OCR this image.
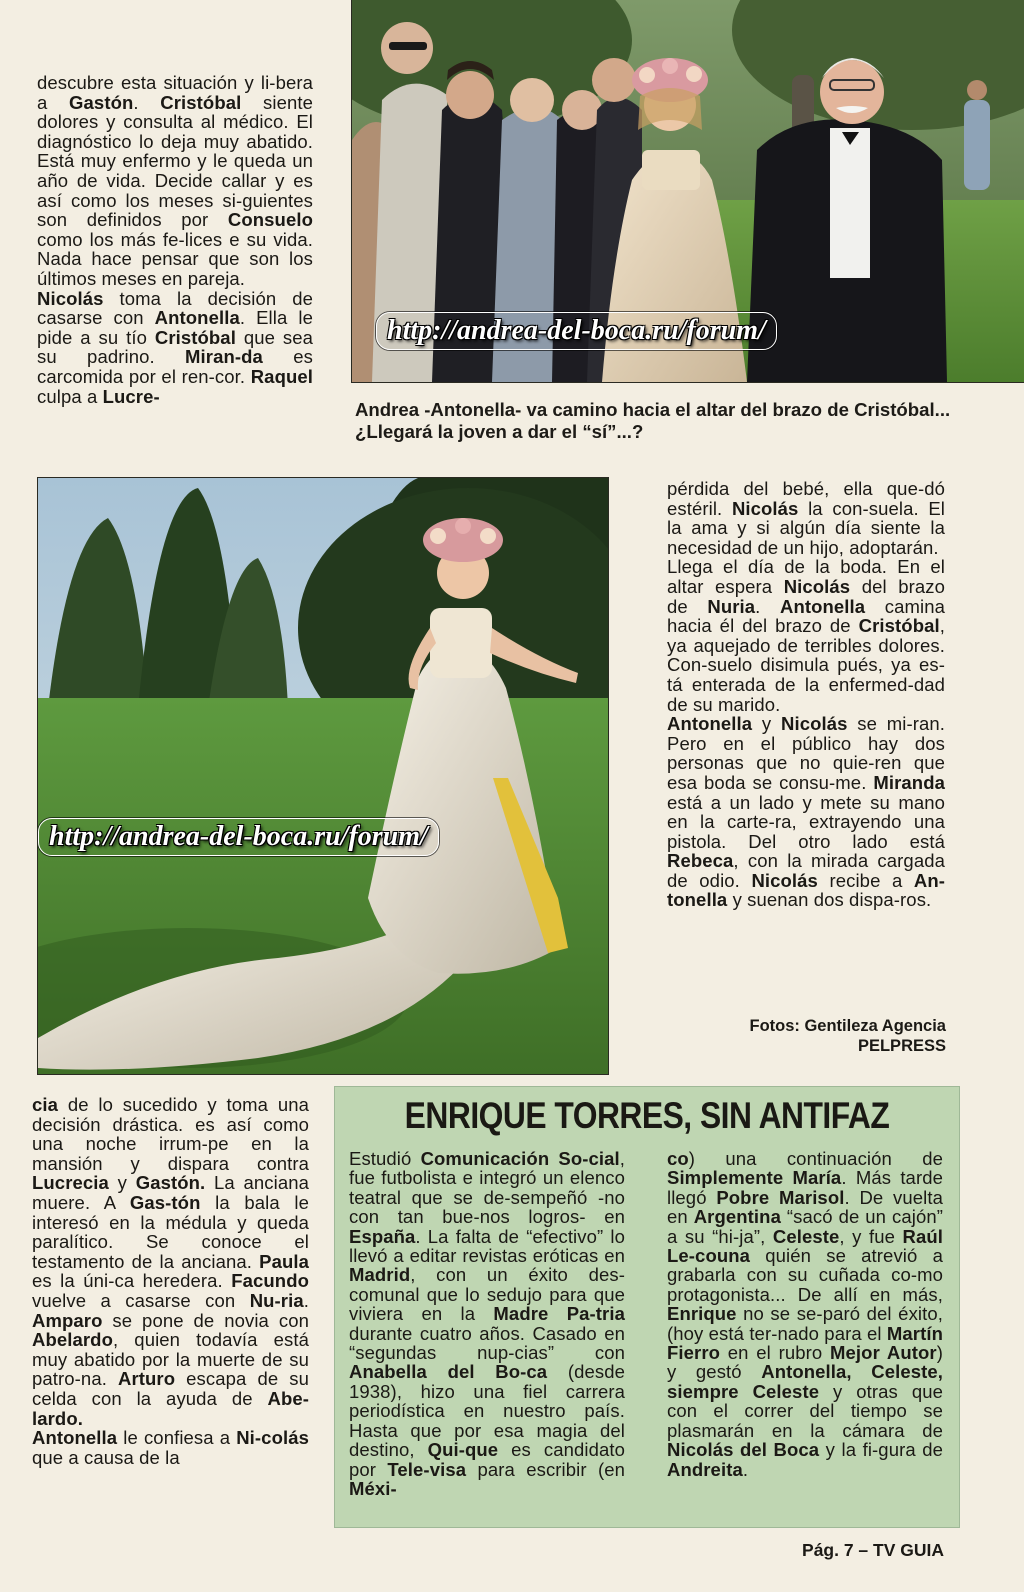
descubre esta situación y li-bera a Gastón. Cristóbal siente dolores y consulta al médico. El diagnóstico lo deja muy abatido. Está muy enfermo y le queda un año de vida. Decide callar y es así como los meses si-guientes son definidos por Consuelo como los más fe-lices e su vida. Nada hace pensar que son los últimos meses en pareja.

Nicolás toma la decisión de casarse con Antonella. Ella le pide a su tío Cristóbal que sea su padrino. Miran-da es carcomida por el ren-cor. Raquel culpa a Lucre-

http://andrea-del-boca.ru/forum/
Andrea -Antonella- va camino hacia el altar del brazo de Cristóbal... ¿Llegará la joven a dar el “sí”...?
http://andrea-del-boca.ru/forum/

pérdida del bebé, ella que-dó estéril. Nicolás la con-suela. El la ama y si algún día siente la necesidad de un hijo, adoptarán.

Llega el día de la boda. En el altar espera Nicolás del brazo de Nuria. Antonella camina hacia él del brazo de Cristóbal, ya aquejado de terribles dolores. Con-suelo disimula pués, ya es-tá enterada de la enfermed-dad de su marido.

Antonella y Nicolás se mi-ran. Pero en el público hay dos personas que no quie-ren que esa boda se consu-me. Miranda está a un lado y mete su mano en la carte-ra, extrayendo una pistola. Del otro lado está Rebeca, con la mirada cargada de odio. Nicolás recibe a An-tonella y suenan dos dispa-ros.

Fotos: Gentileza Agencia
PELPRESS

cia de lo sucedido y toma una decisión drástica. es así como una noche irrum-pe en la mansión y dispara contra Lucrecia y Gastón. La anciana muere. A Gas-tón la bala le interesó en la médula y queda paralítico. Se conoce el testamento de la anciana. Paula es la úni-ca heredera. Facundo vuelve a casarse con Nu-ria. Amparo se pone de novia con Abelardo, quien todavía está muy abatido por la muerte de su patro-na. Arturo escapa de su celda con la ayuda de Abe-lardo.

Antonella le confiesa a Ni-colás que a causa de la

ENRIQUE TORRES, SIN ANTIFAZ

Estudió Comunicación So-cial, fue futbolista e integró un elenco teatral que se de-sempeñó -no con tan bue-nos logros- en España. La falta de “efectivo” lo llevó a editar revistas eróticas en Madrid, con un éxito des-comunal que lo sedujo para que viviera en la Madre Pa-tria durante cuatro años. Casado en “segundas nup-cias” con Anabella del Bo-ca (desde 1938), hizo una fiel carrera periodística en nuestro país. Hasta que por esa magia del destino, Qui-que es candidato por Tele-visa para escribir (en Méxi-

co) una continuación de Simplemente María. Más tarde llegó Pobre Marisol. De vuelta en Argentina “sacó de un cajón” a su “hi-ja”, Celeste, y fue Raúl Le-couna quién se atrevió a grabarla con su cuñada co-mo protagonista... De allí en más, Enrique no se se-paró del éxito, (hoy está ter-nado para el Martín Fierro en el rubro Mejor Autor) y gestó Antonella, Celeste, siempre Celeste y otras que con el correr del tiempo se plasmarán en la cámara de Nicolás del Boca y la fi-gura de Andreita.

Pág. 7 – TV GUIA
